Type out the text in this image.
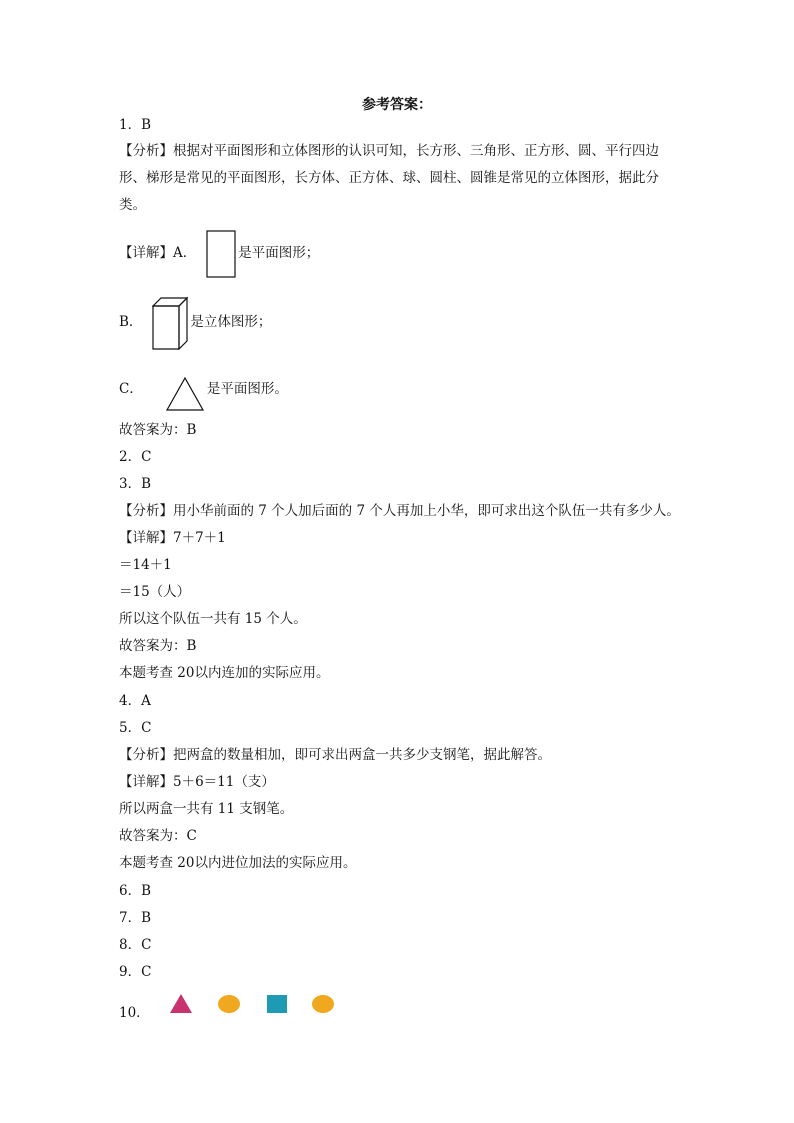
参考答案：
1．B
【分析】根据对平面图形和立体图形的认识可知，长方形、三角形、正方形、圆、平行四边形、梯形是常见的平面图形，长方体、正方体、球、圆柱、圆锥是常见的立体图形，据此分类。
【详解】A．	是平面图形；
B．	是立体图形；
C．	是平面图形。
故答案为：B
2．C
3．B
【分析】用小华前面的 7 个人加后面的 7 个人再加上小华，即可求出这个队伍一共有多少人。
【详解】7＋7＋1
＝14＋1
＝15（人）
所以这个队伍一共有 15 个人。
故答案为：B
本题考查 20以内连加的实际应用。
4．A
5．C
【分析】把两盒的数量相加，即可求出两盒一共多少支钢笔，据此解答。
【详解】5＋6＝11（支）
所以两盒一共有 11 支钢笔。
故答案为：C
本题考查 20以内进位加法的实际应用。
6．B
7．B
8．C
9．C
10．
